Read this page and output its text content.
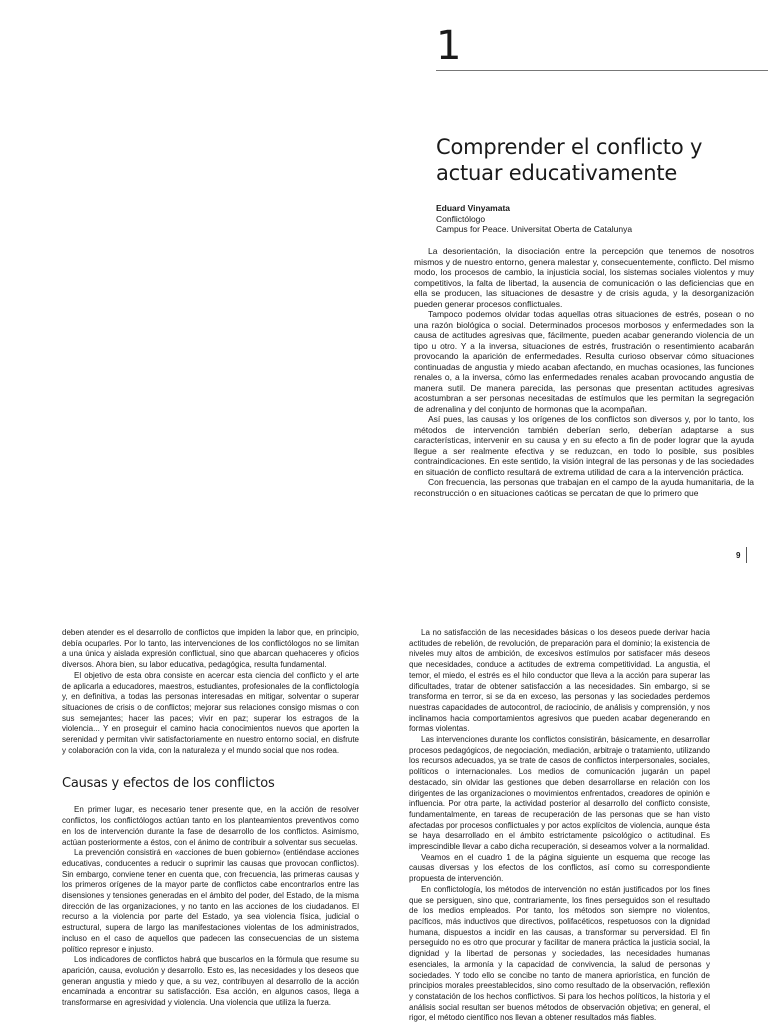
1
Comprender el conflicto y actuar educativamente
Eduard Vinyamata
Conflictólogo
Campus for Peace. Universitat Oberta de Catalunya

La desorientación, la disociación entre la percepción que tenemos de nosotros mismos y de nuestro entorno, genera malestar y, consecuentemente, conflicto. Del mismo modo, los procesos de cambio, la injusticia social, los sistemas sociales violentos y muy competitivos, la falta de libertad, la ausencia de comunicación o las deficiencias que en ella se producen, las situaciones de desastre y de crisis aguda, y la desorganización pueden generar procesos conflictuales.

Tampoco podemos olvidar todas aquellas otras situaciones de estrés, posean o no una razón biológica o social. Determinados procesos morbosos y enfermedades son la causa de actitudes agresivas que, fácilmente, pueden acabar generando violencia de un tipo u otro. Y a la inversa, situaciones de estrés, frustración o resentimiento acabarán provocando la aparición de enfermedades. Resulta curioso observar cómo situaciones continuadas de angustia y miedo acaban afectando, en muchas ocasiones, las funciones renales o, a la inversa, cómo las enfermedades renales acaban provocando angustia de manera sutil. De manera parecida, las personas que presentan actitudes agresivas acostumbran a ser personas necesitadas de estímulos que les permitan la segregación de adrenalina y del conjunto de hormonas que la acompañan.

Así pues, las causas y los orígenes de los conflictos son diversos y, por lo tanto, los métodos de intervención también deberían serlo, deberían adaptarse a sus características, intervenir en su causa y en su efecto a fin de poder lograr que la ayuda llegue a ser realmente efectiva y se reduzcan, en todo lo posible, sus posibles contraindicaciones. En este sentido, la visión integral de las personas y de las sociedades en situación de conflicto resultará de extrema utilidad de cara a la intervención práctica.

Con frecuencia, las personas que trabajan en el campo de la ayuda humanitaria, de la reconstrucción o en situaciones caóticas se percatan de que lo primero que

9

deben atender es el desarrollo de conflictos que impiden la labor que, en principio, debía ocuparles. Por lo tanto, las intervenciones de los conflictólogos no se limitan a una única y aislada expresión conflictual, sino que abarcan quehaceres y oficios diversos. Ahora bien, su labor educativa, pedagógica, resulta fundamental.

El objetivo de esta obra consiste en acercar esta ciencia del conflicto y el arte de aplicarla a educadores, maestros, estudiantes, profesionales de la conflictología y, en definitiva, a todas las personas interesadas en mitigar, solventar o superar situaciones de crisis o de conflictos; mejorar sus relaciones consigo mismas o con sus semejantes; hacer las paces; vivir en paz; superar los estragos de la violencia... Y en proseguir el camino hacia conocimientos nuevos que aporten la serenidad y permitan vivir satisfactoriamente en nuestro entorno social, en disfrute y colaboración con la vida, con la naturaleza y el mundo social que nos rodea.

Causas y efectos de los conflictos

En primer lugar, es necesario tener presente que, en la acción de resolver conflictos, los conflictólogos actúan tanto en los planteamientos preventivos como en los de intervención durante la fase de desarrollo de los conflictos. Asimismo, actúan posteriormente a éstos, con el ánimo de contribuir a solventar sus secuelas.

La prevención consistirá en «acciones de buen gobierno» (entiéndase acciones educativas, conducentes a reducir o suprimir las causas que provocan conflictos). Sin embargo, conviene tener en cuenta que, con frecuencia, las primeras causas y los primeros orígenes de la mayor parte de conflictos cabe encontrarlos entre las disensiones y tensiones generadas en el ámbito del poder, del Estado, de la misma dirección de las organizaciones, y no tanto en las acciones de los ciudadanos. El recurso a la violencia por parte del Estado, ya sea violencia física, judicial o estructural, supera de largo las manifestaciones violentas de los administrados, incluso en el caso de aquellos que padecen las consecuencias de un sistema político represor e injusto.

Los indicadores de conflictos habrá que buscarlos en la fórmula que resume su aparición, causa, evolución y desarrollo. Esto es, las necesidades y los deseos que generan angustia y miedo y que, a su vez, contribuyen al desarrollo de la acción encaminada a encontrar su satisfacción. Esa acción, en algunos casos, llega a transformarse en agresividad y violencia. Una violencia que utiliza la fuerza.

La no satisfacción de las necesidades básicas o los deseos puede derivar hacia actitudes de rebelión, de revolución, de preparación para el dominio; la existencia de niveles muy altos de ambición, de excesivos estímulos por satisfacer más deseos que necesidades, conduce a actitudes de extrema competitividad. La angustia, el temor, el miedo, el estrés es el hilo conductor que lleva a la acción para superar las dificultades, tratar de obtener satisfacción a las necesidades. Sin embargo, si se transforma en terror, si se da en exceso, las personas y las sociedades perdemos nuestras capacidades de autocontrol, de raciocinio, de análisis y comprensión, y nos inclinamos hacia comportamientos agresivos que pueden acabar degenerando en formas violentas.

Las intervenciones durante los conflictos consistirán, básicamente, en desarrollar procesos pedagógicos, de negociación, mediación, arbitraje o tratamiento, utilizando los recursos adecuados, ya se trate de casos de conflictos interpersonales, sociales, políticos o internacionales. Los medios de comunicación jugarán un papel destacado, sin olvidar las gestiones que deben desarrollarse en relación con los dirigentes de las organizaciones o movimientos enfrentados, creadores de opinión e influencia. Por otra parte, la actividad posterior al desarrollo del conflicto consiste, fundamentalmente, en tareas de recuperación de las personas que se han visto afectadas por procesos conflictuales y por actos explícitos de violencia, aunque ésta se haya desarrollado en el ámbito estrictamente psicológico o actitudinal. Es imprescindible llevar a cabo dicha recuperación, si deseamos volver a la normalidad.

Veamos en el cuadro 1 de la página siguiente un esquema que recoge las causas diversas y los efectos de los conflictos, así como su correspondiente propuesta de intervención.

En conflictología, los métodos de intervención no están justificados por los fines que se persiguen, sino que, contrariamente, los fines perseguidos son el resultado de los medios empleados. Por tanto, los métodos son siempre no violentos, pacíficos, más inductivos que directivos, polifacéticos, respetuosos con la dignidad humana, dispuestos a incidir en las causas, a transformar su perversidad. El fin perseguido no es otro que procurar y facilitar de manera práctica la justicia social, la dignidad y la libertad de personas y sociedades, las necesidades humanas esenciales, la armonía y la capacidad de convivencia, la salud de personas y sociedades. Y todo ello se concibe no tanto de manera apriorística, en función de principios morales preestablecidos, sino como resultado de la observación, reflexión y constatación de los hechos conflictivos. Si para los hechos políticos, la historia y el análisis social resultan ser buenos métodos de observación objetiva; en general, el rigor, el método científico nos llevan a obtener resultados más fiables.
